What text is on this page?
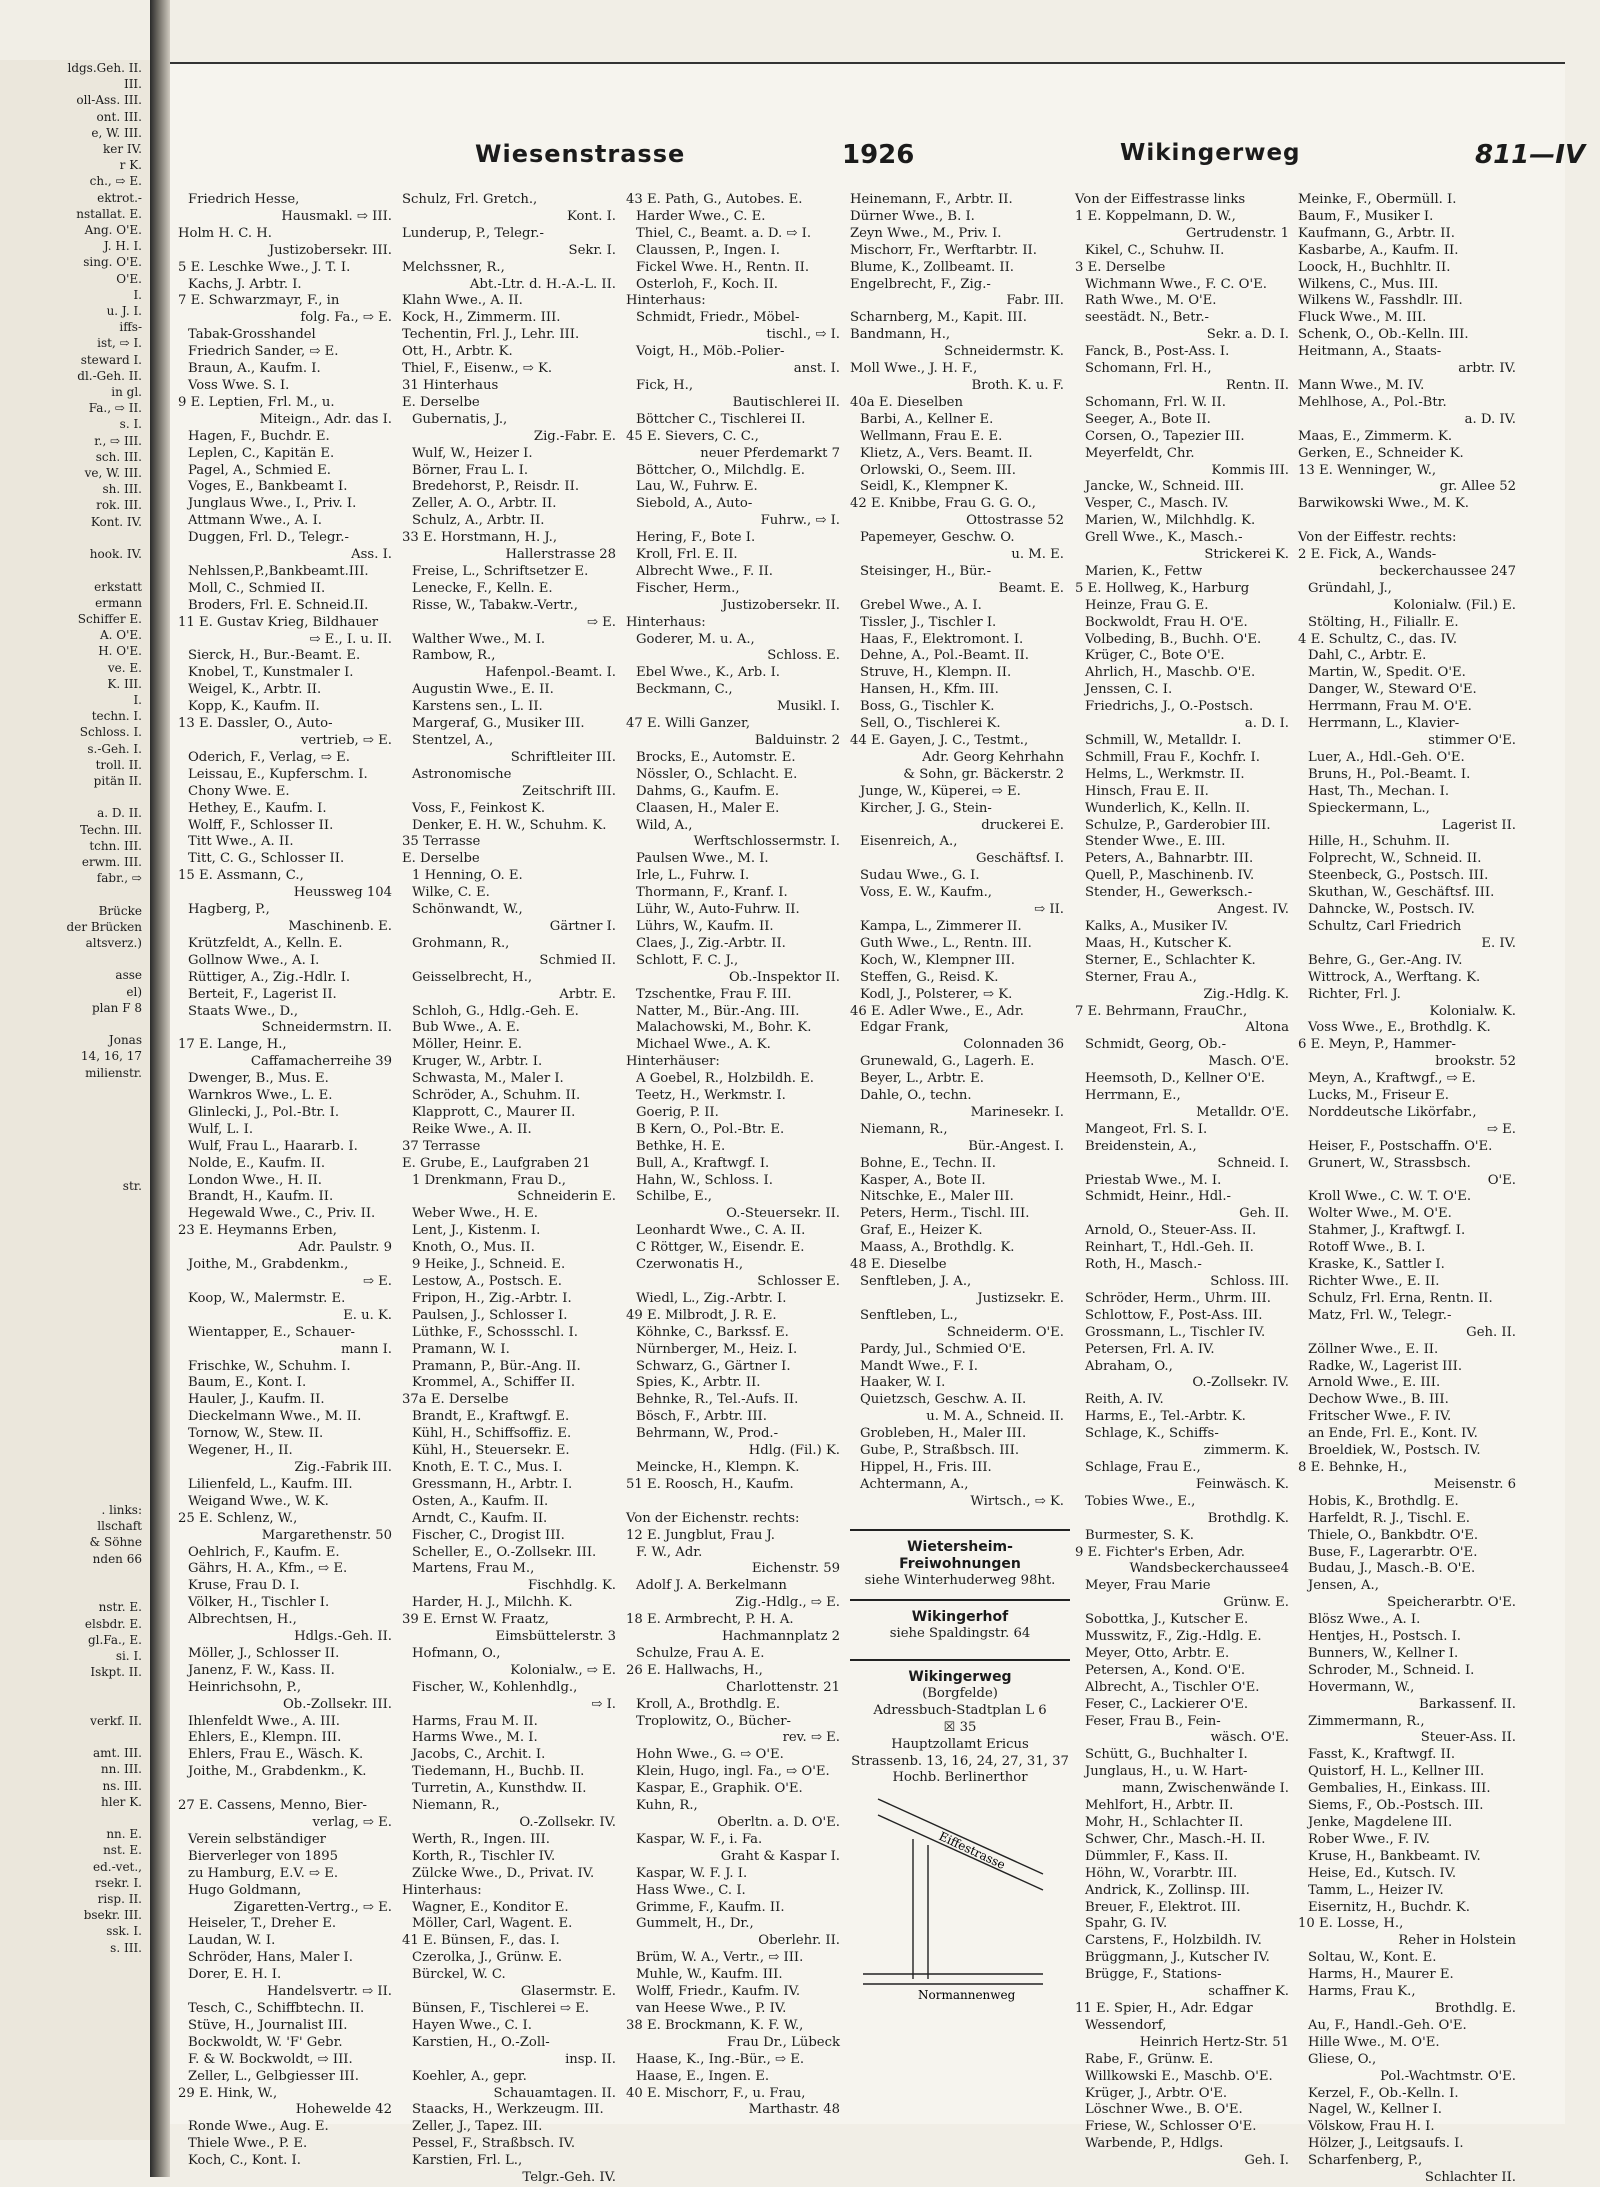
ldgs.Geh. II.
III.
oll-Ass. III.
ont. III.
e, W. III.
ker IV.
r K.
ch., ⇨ E.
ektrot.-
nstallat. E.
Ang. O'E.
J. H. I.
sing. O'E.
O'E.
I.
u. J. I.
iffs-
ist, ⇨ I.
steward I.
dl.-Geh. II.
in gl.
Fa., ⇨ II.
s. I.
r., ⇨ III.
sch. III.
ve, W. III.
sh. III.
rok. III.
Kont. IV.

hook. IV.

erkstatt
ermann
Schiffer E.
A. O'E.
H. O'E.
ve. E.
K. III.
I.
techn. I.
Schloss. I.
s.-Geh. I.
troll. II.
pitän II.

a. D. II.
Techn. III.
tchn. III.
erwm. III.
fabr., ⇨

Brücke
der Brücken
altsverz.)

asse
el)
plan F 8

Jonas
14, 16, 17
milienstr.

str.

. links:
llschaft
& Söhne
nden 66

nstr. E.
elsbdr. E.
gl.Fa., E.
si. I.
Iskpt. II.

verkf. II.

amt. III.
nn. III.
ns. III.
hler K.

nn. E.
nst. E.
ed.-vet.,
rsekr. I.
risp. II.
bsekr. III.
ssk. I.
s. III.
Wiesenstrasse	1926	Wikingerweg	811—IV
Friedrich Hesse,
Hausmakl. ⇨ III.
Holm H. C. H.
Justizobersekr. III.
5 E. Leschke Wwe., J. T. I.
Kachs, J. Arbtr. I.
7 E. Schwarzmayr, F., in
folg. Fa., ⇨ E.
Tabak-Grosshandel
Friedrich Sander, ⇨ E.
Braun, A., Kaufm. I.
Voss Wwe. S. I.
9 E. Leptien, Frl. M., u.
Miteign., Adr. das I.
Hagen, F., Buchdr. E.
Leplen, C., Kapitän E.
Pagel, A., Schmied E.
Voges, E., Bankbeamt I.
Junglaus Wwe., I., Priv. I.
Attmann Wwe., A. I.
Duggen, Frl. D., Telegr.-
Ass. I.
Nehlssen,P.,Bankbeamt.III.
Moll, C., Schmied II.
Broders, Frl. E. Schneid.II.
11 E. Gustav Krieg, Bildhauer
⇨ E., I. u. II.
Sierck, H., Bur.-Beamt. E.
Knobel, T., Kunstmaler I.
Weigel, K., Arbtr. II.
Kopp, K., Kaufm. II.
13 E. Dassler, O., Auto-
vertrieb, ⇨ E.
Oderich, F., Verlag, ⇨ E.
Leissau, E., Kupferschm. I.
Chony Wwe. E.
Hethey, E., Kaufm. I.
Wolff, F., Schlosser II.
Titt Wwe., A. II.
Titt, C. G., Schlosser II.
15 E. Assmann, C.,
Heussweg 104
Hagberg, P.,
Maschinenb. E.
Krützfeldt, A., Kelln. E.
Gollnow Wwe., A. I.
Rüttiger, A., Zig.-Hdlr. I.
Berteit, F., Lagerist II.
Staats Wwe., D.,
Schneidermstrn. II.
17 E. Lange, H.,
Caffamacherreihe 39
Dwenger, B., Mus. E.
Warnkros Wwe., L. E.
Glinlecki, J., Pol.-Btr. I.
Wulf, L. I.
Wulf, Frau L., Haararb. I.
Nolde, E., Kaufm. II.
London Wwe., H. II.
Brandt, H., Kaufm. II.
Hegewald Wwe., C., Priv. II.
23 E. Heymanns Erben,
Adr. Paulstr. 9
Joithe, M., Grabdenkm.,
⇨ E.
Koop, W., Malermstr. E.
E. u. K.
Wientapper, E., Schauer-
mann I.
Frischke, W., Schuhm. I.
Baum, E., Kont. I.
Hauler, J., Kaufm. II.
Dieckelmann Wwe., M. II.
Tornow, W., Stew. II.
Wegener, H., II.
Zig.-Fabrik III.
Lilienfeld, L., Kaufm. III.
Weigand Wwe., W. K.
25 E. Schlenz, W.,
Margarethenstr. 50
Oehlrich, F., Kaufm. E.
Gährs, H. A., Kfm., ⇨ E.
Kruse, Frau D. I.
Völker, H., Tischler I.
Albrechtsen, H.,
Hdlgs.-Geh. II.
Möller, J., Schlosser II.
Janenz, F. W., Kass. II.
Heinrichsohn, P.,
Ob.-Zollsekr. III.
Ihlenfeldt Wwe., A. III.
Ehlers, E., Klempn. III.
Ehlers, Frau E., Wäsch. K.
Joithe, M., Grabdenkm., K.

27 E. Cassens, Menno, Bier-
verlag, ⇨ E.
Verein selbständiger
Bierverleger von 1895
zu Hamburg, E.V. ⇨ E.
Hugo Goldmann,
Zigaretten-Vertrg., ⇨ E.
Heiseler, T., Dreher E.
Laudan, W. I.
Schröder, Hans, Maler I.
Dorer, E. H. I.
Handelsvertr. ⇨ II.
Tesch, C., Schiffbtechn. II.
Stüve, H., Journalist III.
Bockwoldt, W. 'F' Gebr.
F. & W. Bockwoldt, ⇨ III.
Zeller, L., Gelbgiesser III.
29 E. Hink, W.,
Hohewelde 42
Ronde Wwe., Aug. E.
Thiele Wwe., P. E.
Koch, C., Kont. I.
Schulz, Frl. Gretch.,
Kont. I.
Lunderup, P., Telegr.-
Sekr. I.
Melchssner, R.,
Abt.-Ltr. d. H.-A.-L. II.
Klahn Wwe., A. II.
Kock, H., Zimmerm. III.
Techentin, Frl. J., Lehr. III.
Ott, H., Arbtr. K.
Thiel, F., Eisenw., ⇨ K.
31 Hinterhaus
E. Derselbe
Gubernatis, J.,
Zig.-Fabr. E.
Wulf, W., Heizer I.
Börner, Frau L. I.
Bredehorst, P., Reisdr. II.
Zeller, A. O., Arbtr. II.
Schulz, A., Arbtr. II.
33 E. Horstmann, H. J.,
Hallerstrasse 28
Freise, L., Schriftsetzer E.
Lenecke, F., Kelln. E.
Risse, W., Tabakw.-Vertr.,
⇨ E.
Walther Wwe., M. I.
Rambow, R.,
Hafenpol.-Beamt. I.
Augustin Wwe., E. II.
Karstens sen., L. II.
Margeraf, G., Musiker III.
Stentzel, A.,
Schriftleiter III.
Astronomische
Zeitschrift III.
Voss, F., Feinkost K.
Denker, E. H. W., Schuhm. K.
35 Terrasse
E. Derselbe
1 Henning, O. E.
Wilke, C. E.
Schönwandt, W.,
Gärtner I.
Grohmann, R.,
Schmied II.
Geisselbrecht, H.,
Arbtr. E.
Schloh, G., Hdlg.-Geh. E.
Bub Wwe., A. E.
Möller, Heinr. E.
Kruger, W., Arbtr. I.
Schwasta, M., Maler I.
Schröder, A., Schuhm. II.
Klapprott, C., Maurer II.
Reike Wwe., A. II.
37 Terrasse
E. Grube, E., Laufgraben 21
1 Drenkmann, Frau D.,
Schneiderin E.
Weber Wwe., H. E.
Lent, J., Kistenm. I.
Knoth, O., Mus. II.
9 Heike, J., Schneid. E.
Lestow, A., Postsch. E.
Fripon, H., Zig.-Arbtr. I.
Paulsen, J., Schlosser I.
Lüthke, F., Schossschl. I.
Pramann, W. I.
Pramann, P., Bür.-Ang. II.
Krommel, A., Schiffer II.
37a E. Derselbe
Brandt, E., Kraftwgf. E.
Kühl, H., Schiffsoffiz. E.
Kühl, H., Steuersekr. E.
Knoth, E. T. C., Mus. I.
Gressmann, H., Arbtr. I.
Osten, A., Kaufm. II.
Arndt, C., Kaufm. II.
Fischer, C., Drogist III.
Scheller, E., O.-Zollsekr. III.
Martens, Frau M.,
Fischhdlg. K.
Harder, H. J., Milchh. K.
39 E. Ernst W. Fraatz,
Eimsbüttelerstr. 3
Hofmann, O.,
Kolonialw., ⇨ E.
Fischer, W., Kohlenhdlg.,
⇨ I.
Harms, Frau M. II.
Harms Wwe., M. I.
Jacobs, C., Archit. I.
Tiedemann, H., Buchb. II.
Turretin, A., Kunsthdw. II.
Niemann, R.,
O.-Zollsekr. IV.
Werth, R., Ingen. III.
Korth, R., Tischler IV.
Zülcke Wwe., D., Privat. IV.
Hinterhaus:
Wagner, E., Konditor E.
Möller, Carl, Wagent. E.
41 E. Bünsen, F., das. I.
Czerolka, J., Grünw. E.
Bürckel, W. C.
Glasermstr. E.
Bünsen, F., Tischlerei ⇨ E.
Hayen Wwe., C. I.
Karstien, H., O.-Zoll-
insp. II.
Koehler, A., gepr.
Schauamtagen. II.
Staacks, H., Werkzeugm. III.
Zeller, J., Tapez. III.
Pessel, F., Straßbsch. IV.
Karstien, Frl. L.,
Telgr.-Geh. IV.
43 E. Path, G., Autobes. E.
Harder Wwe., C. E.
Thiel, C., Beamt. a. D. ⇨ I.
Claussen, P., Ingen. I.
Fickel Wwe. H., Rentn. II.
Osterloh, F., Koch. II.
Hinterhaus:
Schmidt, Friedr., Möbel-
tischl., ⇨ I.
Voigt, H., Möb.-Polier-
anst. I.
Fick, H.,
Bautischlerei II.
Böttcher C., Tischlerei II.
45 E. Sievers, C. C.,
neuer Pferdemarkt 7
Böttcher, O., Milchdlg. E.
Lau, W., Fuhrw. E.
Siebold, A., Auto-
Fuhrw., ⇨ I.
Hering, F., Bote I.
Kroll, Frl. E. II.
Albrecht Wwe., F. II.
Fischer, Herm.,
Justizobersekr. II.
Hinterhaus:
Goderer, M. u. A.,
Schloss. E.
Ebel Wwe., K., Arb. I.
Beckmann, C.,
Musikl. I.
47 E. Willi Ganzer,
Balduinstr. 2
Brocks, E., Automstr. E.
Nössler, O., Schlacht. E.
Dahms, G., Kaufm. E.
Claasen, H., Maler E.
Wild, A.,
Werftschlossermstr. I.
Paulsen Wwe., M. I.
Irle, L., Fuhrw. I.
Thormann, F., Kranf. I.
Lühr, W., Auto-Fuhrw. II.
Lührs, W., Kaufm. II.
Claes, J., Zig.-Arbtr. II.
Schlott, F. C. J.,
Ob.-Inspektor II.
Tzschentke, Frau F. III.
Natter, M., Bür.-Ang. III.
Malachowski, M., Bohr. K.
Michael Wwe., A. K.
Hinterhäuser:
A Goebel, R., Holzbildh. E.
Teetz, H., Werkmstr. I.
Goerig, P. II.
B Kern, O., Pol.-Btr. E.
Bethke, H. E.
Bull, A., Kraftwgf. I.
Hahn, W., Schloss. I.
Schilbe, E.,
O.-Steuersekr. II.
Leonhardt Wwe., C. A. II.
C Röttger, W., Eisendr. E.
Czerwonatis H.,
Schlosser E.
Wiedl, L., Zig.-Arbtr. I.
49 E. Milbrodt, J. R. E.
Köhnke, C., Barkssf. E.
Nürnberger, M., Heiz. I.
Schwarz, G., Gärtner I.
Spies, K., Arbtr. II.
Behnke, R., Tel.-Aufs. II.
Bösch, F., Arbtr. III.
Behrmann, W., Prod.-
Hdlg. (Fil.) K.
Meincke, H., Klempn. K.
51 E. Roosch, H., Kaufm.

Von der Eichenstr. rechts:
12 E. Jungblut, Frau J.
F. W., Adr.
Eichenstr. 59
Adolf J. A. Berkelmann
Zig.-Hdlg., ⇨ E.
18 E. Armbrecht, P. H. A.
Hachmannplatz 2
Schulze, Frau A. E.
26 E. Hallwachs, H.,
Charlottenstr. 21
Kroll, A., Brothdlg. E.
Troplowitz, O., Bücher-
rev. ⇨ E.
Hohn Wwe., G. ⇨ O'E.
Klein, Hugo, ingl. Fa., ⇨ O'E.
Kaspar, E., Graphik. O'E.
Kuhn, R.,
Oberltn. a. D. O'E.
Kaspar, W. F., i. Fa.
Graht & Kaspar I.
Kaspar, W. F. J. I.
Hass Wwe., C. I.
Grimme, F., Kaufm. II.
Gummelt, H., Dr.,
Oberlehr. II.
Brüm, W. A., Vertr., ⇨ III.
Muhle, W., Kaufm. III.
Wolff, Friedr., Kaufm. IV.
van Heese Wwe., P. IV.
38 E. Brockmann, K. F. W.,
Frau Dr., Lübeck
Haase, K., Ing.-Bür., ⇨ E.
Haase, E., Ingen. E.
40 E. Mischorr, F., u. Frau,
Marthastr. 48
Heinemann, F., Arbtr. II.
Dürner Wwe., B. I.
Zeyn Wwe., M., Priv. I.
Mischorr, Fr., Werftarbtr. II.
Blume, K., Zollbeamt. II.
Engelbrecht, F., Zig.-
Fabr. III.
Scharnberg, M., Kapit. III.
Bandmann, H.,
Schneidermstr. K.
Moll Wwe., J. H. F.,
Broth. K. u. F.
40a E. Dieselben
Barbi, A., Kellner E.
Wellmann, Frau E. E.
Klietz, A., Vers. Beamt. II.
Orlowski, O., Seem. III.
Seidl, K., Klempner K.
42 E. Knibbe, Frau G. G. O.,
Ottostrasse 52
Papemeyer, Geschw. O.
u. M. E.
Steisinger, H., Bür.-
Beamt. E.
Grebel Wwe., A. I.
Tissler, J., Tischler I.
Haas, F., Elektromont. I.
Dehne, A., Pol.-Beamt. II.
Struve, H., Klempn. II.
Hansen, H., Kfm. III.
Boss, G., Tischler K.
Sell, O., Tischlerei K.
44 E. Gayen, J. C., Testmt.,
Adr. Georg Kehrhahn
& Sohn, gr. Bäckerstr. 2
Junge, W., Küperei, ⇨ E.
Kircher, J. G., Stein-
druckerei E.
Eisenreich, A.,
Geschäftsf. I.
Sudau Wwe., G. I.
Voss, E. W., Kaufm.,
⇨ II.
Kampa, L., Zimmerer II.
Guth Wwe., L., Rentn. III.
Koch, W., Klempner III.
Steffen, G., Reisd. K.
Kodl, J., Polsterer, ⇨ K.
46 E. Adler Wwe., E., Adr.
Edgar Frank,
Colonnaden 36
Grunewald, G., Lagerh. E.
Beyer, L., Arbtr. E.
Dahle, O., techn.
Marinesekr. I.
Niemann, R.,
Bür.-Angest. I.
Bohne, E., Techn. II.
Kasper, A., Bote II.
Nitschke, E., Maler III.
Peters, Herm., Tischl. III.
Graf, E., Heizer K.
Maass, A., Brothdlg. K.
48 E. Dieselbe
Senftleben, J. A.,
Justizsekr. E.
Senftleben, L.,
Schneiderm. O'E.
Pardy, Jul., Schmied O'E.
Mandt Wwe., F. I.
Haaker, W. I.
Quietzsch, Geschw. A. II.
u. M. A., Schneid. II.
Grobleben, H., Maler III.
Gube, P., Straßbsch. III.
Hippel, H., Fris. III.
Achtermann, A.,
Wirtsch., ⇨ K.
Von der Eiffestrasse links
1 E. Koppelmann, D. W.,
Gertrudenstr. 1
Kikel, C., Schuhw. II.
3 E. Derselbe
Wichmann Wwe., F. C. O'E.
Rath Wwe., M. O'E.
seestädt. N., Betr.-
Sekr. a. D. I.
Fanck, B., Post-Ass. I.
Schomann, Frl. H.,
Rentn. II.
Schomann, Frl. W. II.
Seeger, A., Bote II.
Corsen, O., Tapezier III.
Meyerfeldt, Chr.
Kommis III.
Jancke, W., Schneid. III.
Vesper, C., Masch. IV.
Marien, W., Milchhdlg. K.
Grell Wwe., K., Masch.-
Strickerei K.
Marien, K., Fettw
5 E. Hollweg, K., Harburg
Heinze, Frau G. E.
Bockwoldt, Frau H. O'E.
Volbeding, B., Buchh. O'E.
Krüger, C., Bote O'E.
Ahrlich, H., Maschb. O'E.
Jenssen, C. I.
Friedrichs, J., O.-Postsch.
a. D. I.
Schmill, W., Metalldr. I.
Schmill, Frau F., Kochfr. I.
Helms, L., Werkmstr. II.
Hinsch, Frau E. II.
Wunderlich, K., Kelln. II.
Schulze, P., Garderobier III.
Stender Wwe., E. III.
Peters, A., Bahnarbtr. III.
Quell, P., Maschinenb. IV.
Stender, H., Gewerksch.-
Angest. IV.
Kalks, A., Musiker IV.
Maas, H., Kutscher K.
Sterner, E., Schlachter K.
Sterner, Frau A.,
Zig.-Hdlg. K.
7 E. Behrmann, FrauChr.,
Altona
Schmidt, Georg, Ob.-
Masch. O'E.
Heemsoth, D., Kellner O'E.
Herrmann, E.,
Metalldr. O'E.
Mangeot, Frl. S. I.
Breidenstein, A.,
Schneid. I.
Priestab Wwe., M. I.
Schmidt, Heinr., Hdl.-
Geh. II.
Arnold, O., Steuer-Ass. II.
Reinhart, T., Hdl.-Geh. II.
Roth, H., Masch.-
Schloss. III.
Schröder, Herm., Uhrm. III.
Schlottow, F., Post-Ass. III.
Grossmann, L., Tischler IV.
Petersen, Frl. A. IV.
Abraham, O.,
O.-Zollsekr. IV.
Reith, A. IV.
Harms, E., Tel.-Arbtr. K.
Schlage, K., Schiffs-
zimmerm. K.
Schlage, Frau E.,
Feinwäsch. K.
Tobies Wwe., E.,
Brothdlg. K.
Burmester, S. K.
9 E. Fichter's Erben, Adr.
Wandsbeckerchaussee4
Meyer, Frau Marie
Grünw. E.
Sobottka, J., Kutscher E.
Musswitz, F., Zig.-Hdlg. E.
Meyer, Otto, Arbtr. E.
Petersen, A., Kond. O'E.
Albrecht, A., Tischler O'E.
Feser, C., Lackierer O'E.
Feser, Frau B., Fein-
wäsch. O'E.
Schütt, G., Buchhalter I.
Junglaus, H., u. W. Hart-
mann, Zwischenwände I.
Mehlfort, H., Arbtr. II.
Mohr, H., Schlachter II.
Schwer, Chr., Masch.-H. II.
Dümmler, F., Kass. II.
Höhn, W., Vorarbtr. III.
Andrick, K., Zollinsp. III.
Breuer, F., Elektrot. III.
Spahr, G. IV.
Carstens, F., Holzbildh. IV.
Brüggmann, J., Kutscher IV.
Brügge, F., Stations-
schaffner K.
11 E. Spier, H., Adr. Edgar
Wessendorf,
Heinrich Hertz-Str. 51
Rabe, F., Grünw. E.
Willkowski E., Maschb. O'E.
Krüger, J., Arbtr. O'E.
Löschner Wwe., B. O'E.
Friese, W., Schlosser O'E.
Warbende, P., Hdlgs.
Geh. I.
Meinke, F., Obermüll. I.
Baum, F., Musiker I.
Kaufmann, G., Arbtr. II.
Kasbarbe, A., Kaufm. II.
Loock, H., Buchhltr. II.
Wilkens, C., Mus. III.
Wilkens W., Fasshdlr. III.
Fluck Wwe., M. III.
Schenk, O., Ob.-Kelln. III.
Heitmann, A., Staats-
arbtr. IV.
Mann Wwe., M. IV.
Mehlhose, A., Pol.-Btr.
a. D. IV.
Maas, E., Zimmerm. K.
Gerken, E., Schneider K.
13 E. Wenninger, W.,
gr. Allee 52
Barwikowski Wwe., M. K.

Von der Eiffestr. rechts:
2 E. Fick, A., Wands-
beckerchaussee 247
Gründahl, J.,
Kolonialw. (Fil.) E.
Stölting, H., Filiallr. E.
4 E. Schultz, C., das. IV.
Dahl, C., Arbtr. E.
Martin, W., Spedit. O'E.
Danger, W., Steward O'E.
Herrmann, Frau M. O'E.
Herrmann, L., Klavier-
stimmer O'E.
Luer, A., Hdl.-Geh. O'E.
Bruns, H., Pol.-Beamt. I.
Hast, Th., Mechan. I.
Spieckermann, L.,
Lagerist II.
Hille, H., Schuhm. II.
Folprecht, W., Schneid. II.
Steenbeck, G., Postsch. III.
Skuthan, W., Geschäftsf. III.
Dahncke, W., Postsch. IV.
Schultz, Carl Friedrich
E. IV.
Behre, G., Ger.-Ang. IV.
Wittrock, A., Werftang. K.
Richter, Frl. J.
Kolonialw. K.
Voss Wwe., E., Brothdlg. K.
6 E. Meyn, P., Hammer-
brookstr. 52
Meyn, A., Kraftwgf., ⇨ E.
Lucks, M., Friseur E.
Norddeutsche Likörfabr.,
⇨ E.
Heiser, F., Postschaffn. O'E.
Grunert, W., Strassbsch.
O'E.
Kroll Wwe., C. W. T. O'E.
Wolter Wwe., M. O'E.
Stahmer, J., Kraftwgf. I.
Rotoff Wwe., B. I.
Kraske, K., Sattler I.
Richter Wwe., E. II.
Schulz, Frl. Erna, Rentn. II.
Matz, Frl. W., Telegr.-
Geh. II.
Zöllner Wwe., E. II.
Radke, W., Lagerist III.
Arnold Wwe., E. III.
Dechow Wwe., B. III.
Fritscher Wwe., F. IV.
an Ende, Frl. E., Kont. IV.
Broeldiek, W., Postsch. IV.
8 E. Behnke, H.,
Meisenstr. 6
Hobis, K., Brothdlg. E.
Harfeldt, R. J., Tischl. E.
Thiele, O., Bankbdtr. O'E.
Buse, F., Lagerarbtr. O'E.
Budau, J., Masch.-B. O'E.
Jensen, A.,
Speicherarbtr. O'E.
Blösz Wwe., A. I.
Hentjes, H., Postsch. I.
Bunners, W., Kellner I.
Schroder, M., Schneid. I.
Hovermann, W.,
Barkassenf. II.
Zimmermann, R.,
Steuer-Ass. II.
Fasst, K., Kraftwgf. II.
Quistorf, H. L., Kellner III.
Gembalies, H., Einkass. III.
Siems, F., Ob.-Postsch. III.
Jenke, Magdelene III.
Rober Wwe., F. IV.
Kruse, H., Bankbeamt. IV.
Heise, Ed., Kutsch. IV.
Tamm, L., Heizer IV.
Eisernitz, H., Buchdr. K.
10 E. Losse, H.,
Reher in Holstein
Soltau, W., Kont. E.
Harms, H., Maurer E.
Harms, Frau K.,
Brothdlg. E.
Au, F., Handl.-Geh. O'E.
Hille Wwe., M. O'E.
Gliese, O.,
Pol.-Wachtmstr. O'E.
Kerzel, F., Ob.-Kelln. I.
Nagel, W., Kellner I.
Völskow, Frau H. I.
Hölzer, J., Leitgsaufs. I.
Scharfenberg, P.,
Schlachter II.
Wietersheim-Freiwohnungen
siehe Winterhuderweg 98ht.
Wikingerhof
siehe Spaldingstr. 64
Wikingerweg
(Borgfelde)
Adressbuch-Stadtplan L 6
☒ 35
Hauptzollamt Ericus
Strassenb. 13, 16, 24, 27, 31, 37
Hochb. Berlinerthor
Eiffestrasse
Normannenweg
